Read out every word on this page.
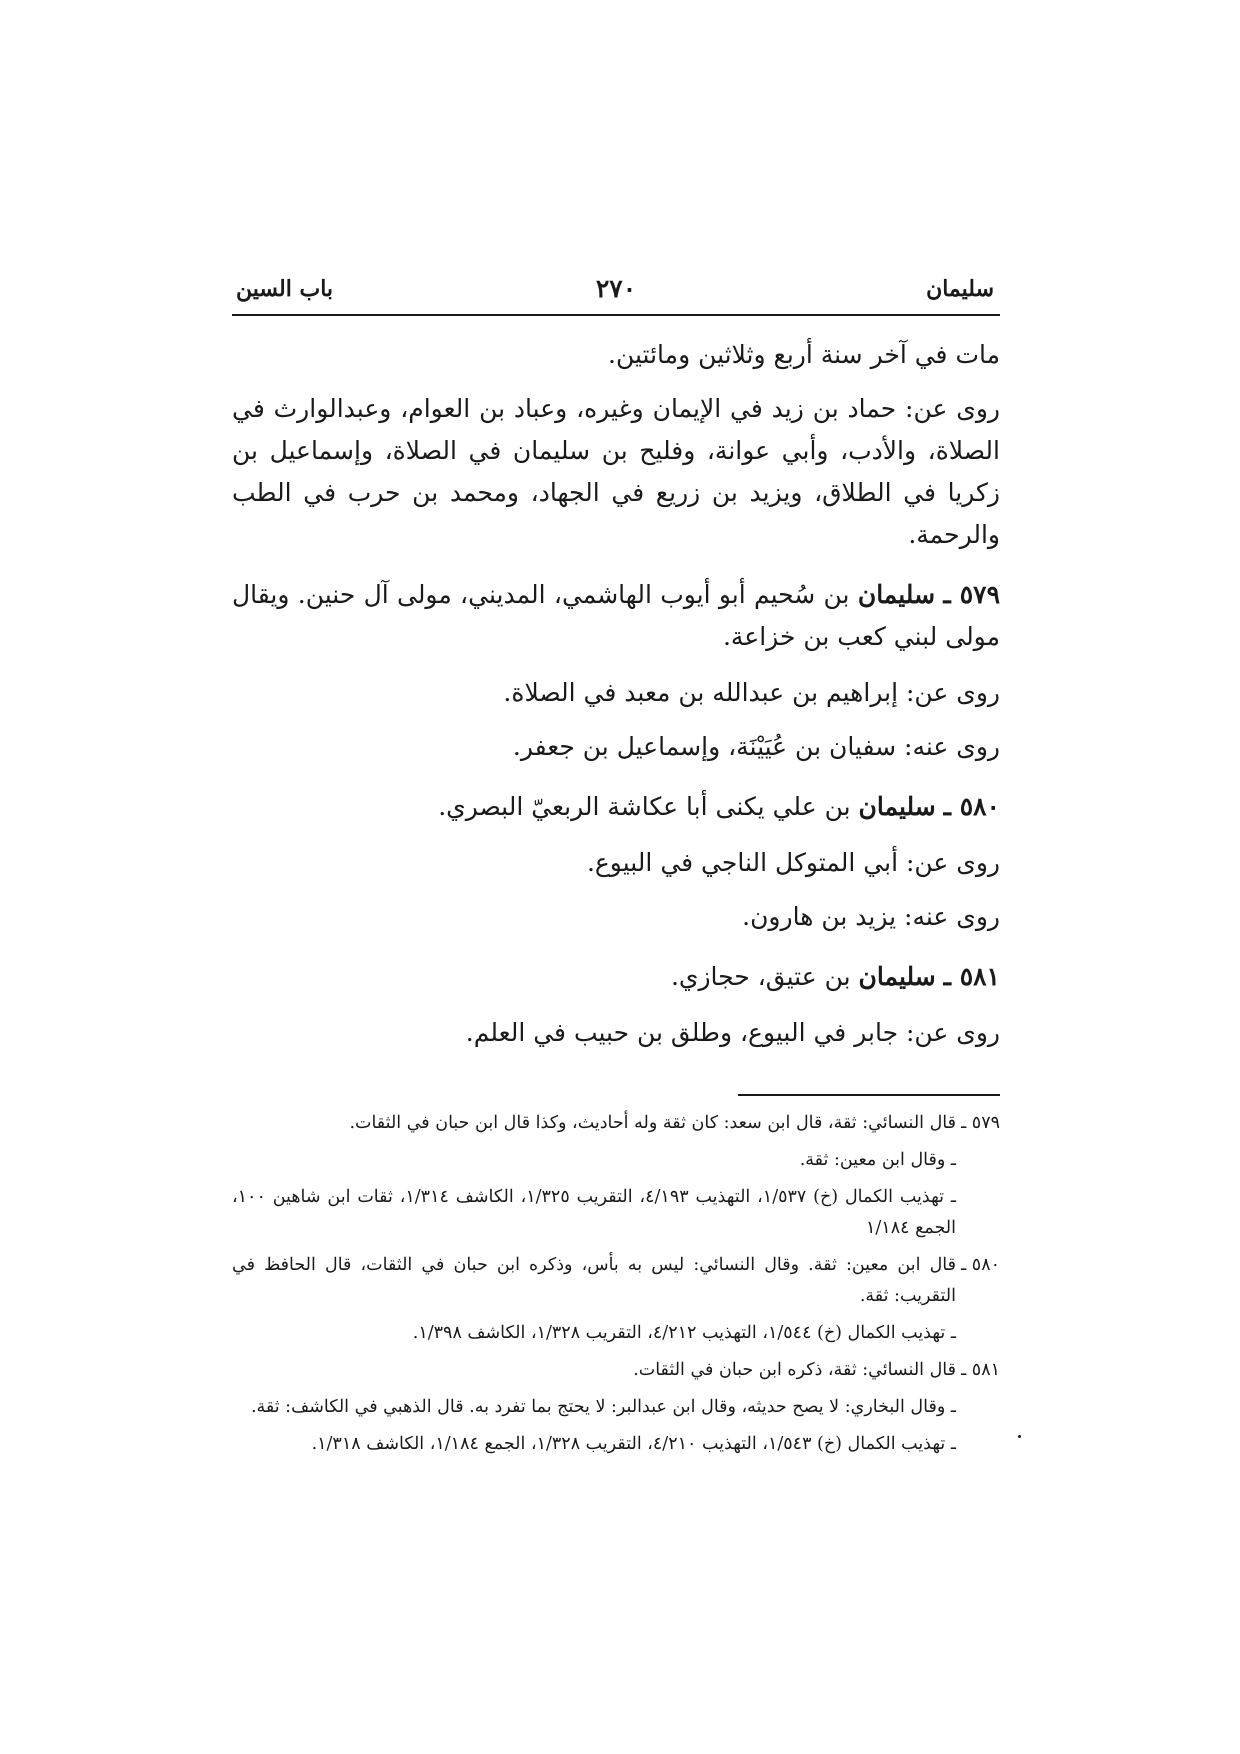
سليمان
٢٧٠
باب السين

مات في آخر سنة أربع وثلاثين ومائتين.

روى عن: حماد بن زيد في الإيمان وغيره، وعباد بن العوام، وعبدالوارث في الصلاة، والأدب، وأبي عوانة، وفليح بن سليمان في الصلاة، وإسماعيل بن زكريا في الطلاق، ويزيد بن زريع في الجهاد، ومحمد بن حرب في الطب والرحمة.

٥٧٩ ـ سليمان بن سُحيم أبو أيوب الهاشمي، المديني، مولى آل حنين. ويقال مولى لبني كعب بن خزاعة.

روى عن: إبراهيم بن عبدالله بن معبد في الصلاة.

روى عنه: سفيان بن عُيَيْنَة، وإسماعيل بن جعفر.

٥٨٠ ـ سليمان بن علي يكنى أبا عكاشة الربعيّ البصري.

روى عن: أبي المتوكل الناجي في البيوع.

روى عنه: يزيد بن هارون.

٥٨١ ـ سليمان بن عتيق، حجازي.

روى عن: جابر في البيوع، وطلق بن حبيب في العلم.

٥٧٩ ـ
قال النسائي: ثقة، قال ابن سعد: كان ثقة وله أحاديث، وكذا قال ابن حبان في الثقات.
ـ وقال ابن معين: ثقة.
ـ تهذيب الكمال (خ) ١/٥٣٧، التهذيب ٤/١٩٣، التقريب ١/٣٢٥، الكاشف ١/٣١٤، ثقات ابن شاهين ١٠٠، الجمع ١/١٨٤
٥٨٠ ـ
قال ابن معين: ثقة. وقال النسائي: ليس به بأس، وذكره ابن حبان في الثقات، قال الحافظ في التقريب: ثقة.
ـ تهذيب الكمال (خ) ١/٥٤٤، التهذيب ٤/٢١٢، التقريب ١/٣٢٨، الكاشف ١/٣٩٨.
٥٨١ ـ
قال النسائي: ثقة، ذكره ابن حبان في الثقات.
ـ وقال البخاري: لا يصح حديثه، وقال ابن عبدالبر: لا يحتج بما تفرد به. قال الذهبي في الكاشف: ثقة.
ـ تهذيب الكمال (خ) ١/٥٤٣، التهذيب ٤/٢١٠، التقريب ١/٣٢٨، الجمع ١/١٨٤، الكاشف ١/٣١٨.
